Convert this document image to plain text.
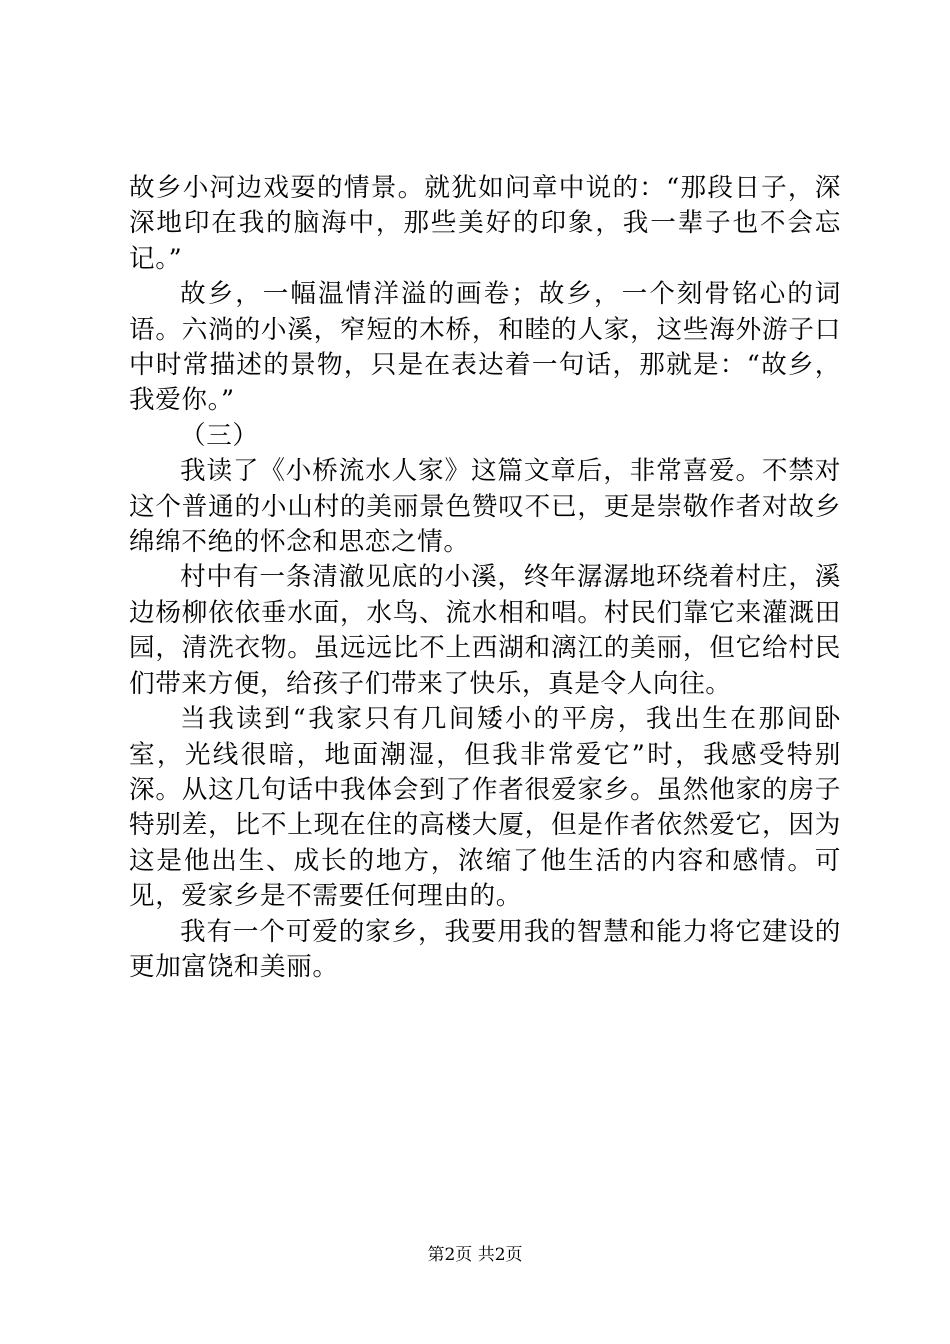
故乡小河边戏耍的情景。就犹如问章中说的：“那段日子，深深地印在我的脑海中，那些美好的印象，我一辈子也不会忘记。”

故乡，一幅温情洋溢的画卷；故乡，一个刻骨铭心的词语。六淌的小溪，窄短的木桥，和睦的人家，这些海外游子口中时常描述的景物，只是在表达着一句话，那就是：“故乡，我爱你。”

（三）

我读了《小桥流水人家》这篇文章后，非常喜爱。不禁对这个普通的小山村的美丽景色赞叹不已，更是崇敬作者对故乡绵绵不绝的怀念和思恋之情。

村中有一条清澈见底的小溪，终年潺潺地环绕着村庄，溪边杨柳依依垂水面，水鸟、流水相和唱。村民们靠它来灌溉田园，清洗衣物。虽远远比不上西湖和漓江的美丽，但它给村民们带来方便，给孩子们带来了快乐，真是令人向往。

当我读到“我家只有几间矮小的平房，我出生在那间卧室，光线很暗，地面潮湿，但我非常爱它”时，我感受特别深。从这几句话中我体会到了作者很爱家乡。虽然他家的房子特别差，比不上现在住的高楼大厦，但是作者依然爱它，因为这是他出生、成长的地方，浓缩了他生活的内容和感情。可见，爱家乡是不需要任何理由的。

我有一个可爱的家乡，我要用我的智慧和能力将它建设的更加富饶和美丽。

第2页 共2页
